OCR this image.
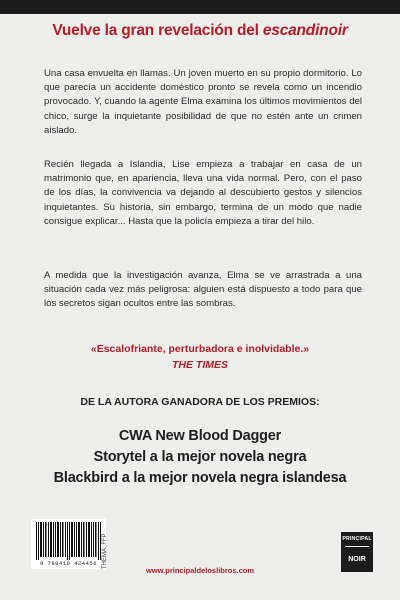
Vuelve la gran revelación del escandinoir

Una casa envuelta en llamas. Un joven muerto en su propio dormitorio. Lo que parecía un accidente doméstico pronto se revela como un incendio provocado. Y, cuando la agente Elma examina los últimos movimientos del chico, surge la inquietante posibilidad de que no estén ante un crimen aislado.

Recién llegada a Islandia, Lise empieza a trabajar en casa de un matrimonio que, en apariencia, lleva una vida normal. Pero, con el paso de los días, la convivencia va dejando al descubierto gestos y silencios inquietantes. Su historia, sin embargo, termina de un modo que nadie consigue explicar... Hasta que la policía empieza a tirar del hilo.

A medida que la investigación avanza, Elma se ve arrastrada a una situación cada vez más peligrosa: alguien está dispuesto a todo para que los secretos sigan ocultos entre las sombras.

«Escalofriante, perturbadora e inolvidable.»
THE TIMES
DE LA AUTORA GANADORA DE LOS PREMIOS:
CWA New Blood Dagger
Storytel a la mejor novela negra
Blackbird a la mejor novela negra islandesa
9 788410 424456 THEMA: FFP
www.principaldeloslibros.com
PRINCIPAL
NOIR
